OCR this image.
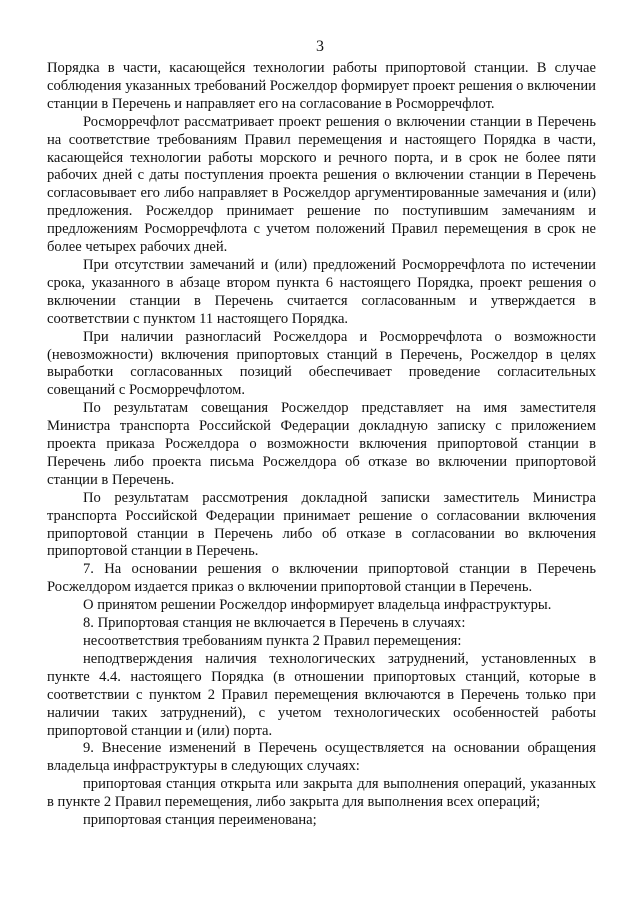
3

Порядка в части, касающейся технологии работы припортовой станции. В случае соблюдения указанных требований Росжелдор формирует проект решения о включении станции в Перечень и направляет его на согласование в Росморречфлот.

Росморречфлот рассматривает проект решения о включении станции в Перечень на соответствие требованиям Правил перемещения и настоящего Порядка в части, касающейся технологии работы морского и речного порта, и в срок не более пяти рабочих дней с даты поступления проекта решения о включении станции в Перечень согласовывает его либо направляет в Росжелдор аргументированные замечания и (или) предложения. Росжелдор принимает решение по поступившим замечаниям и предложениям Росморречфлота с учетом положений Правил перемещения в срок не более четырех рабочих дней.

При отсутствии замечаний и (или) предложений Росморречфлота по истечении срока, указанного в абзаце втором пункта 6 настоящего Порядка, проект решения о включении станции в Перечень считается согласованным и утверждается в соответствии с пунктом 11 настоящего Порядка.

При наличии разногласий Росжелдора и Росморречфлота о возможности (невозможности) включения припортовых станций в Перечень, Росжелдор в целях выработки согласованных позиций обеспечивает проведение согласительных совещаний с Росморречфлотом.

По результатам совещания Росжелдор представляет на имя заместителя Министра транспорта Российской Федерации докладную записку с приложением проекта приказа Росжелдора о возможности включения припортовой станции в Перечень либо проекта письма Росжелдора об отказе во включении припортовой станции в Перечень.

По результатам рассмотрения докладной записки заместитель Министра транспорта Российской Федерации принимает решение о согласовании включения припортовой станции в Перечень либо об отказе в согласовании во включения припортовой станции в Перечень.

7. На основании решения о включении припортовой станции в Перечень Росжелдором издается приказ о включении припортовой станции в Перечень.

О принятом решении Росжелдор информирует владельца инфраструктуры.

8. Припортовая станция не включается в Перечень в случаях:

несоответствия требованиям пункта 2 Правил перемещения:

неподтверждения наличия технологических затруднений, установленных в пункте 4.4. настоящего Порядка (в отношении припортовых станций, которые в соответствии с пунктом 2 Правил перемещения включаются в Перечень только при наличии таких затруднений), с учетом технологических особенностей работы припортовой станции и (или) порта.

9. Внесение изменений в Перечень осуществляется на основании обращения владельца инфраструктуры в следующих случаях:

припортовая станция открыта или закрыта для выполнения операций, указанных в пункте 2 Правил перемещения, либо закрыта для выполнения всех операций;

припортовая станция переименована;
